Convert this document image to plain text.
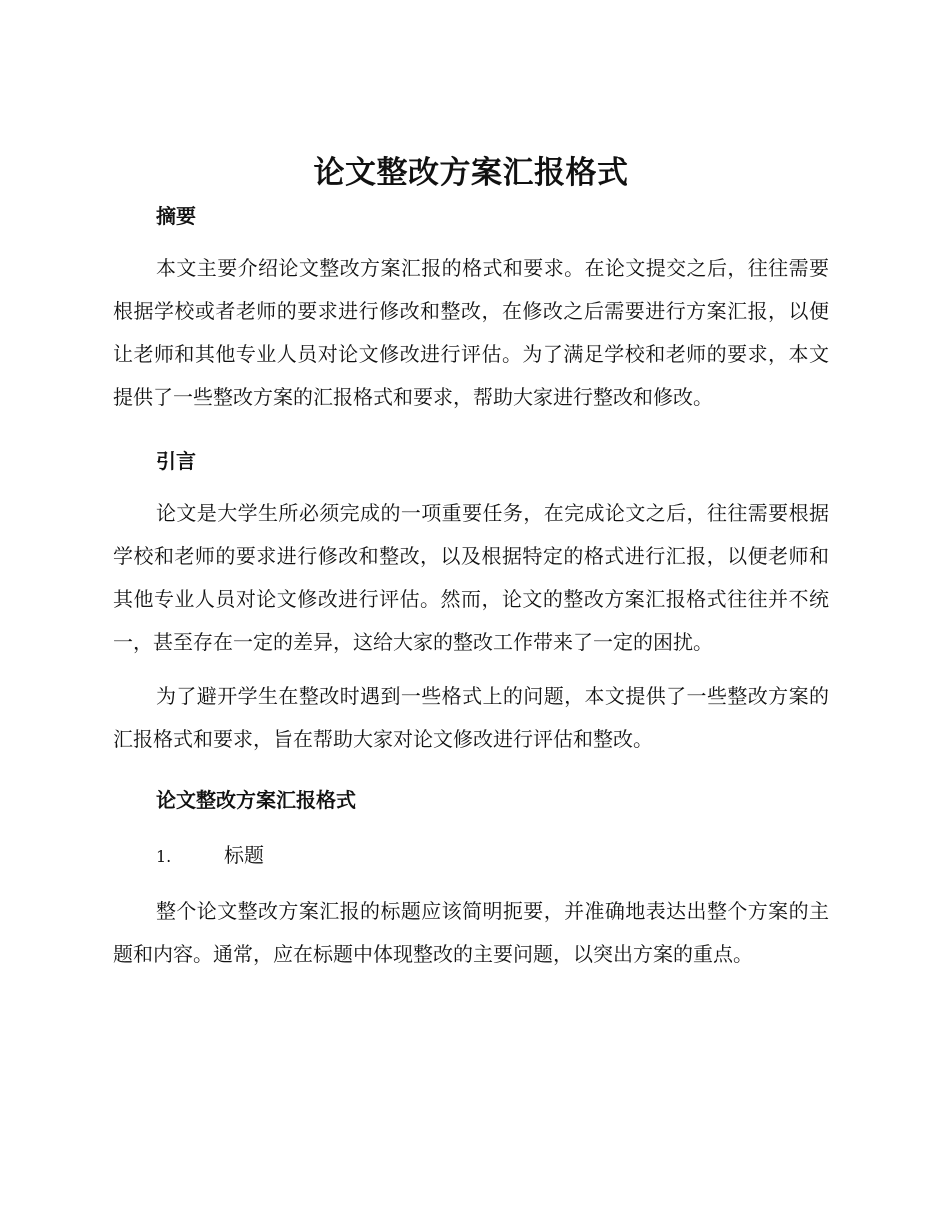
论文整改方案汇报格式
摘要

本文主要介绍论文整改方案汇报的格式和要求。在论文提交之后，往往需要根据学校或者老师的要求进行修改和整改，在修改之后需要进行方案汇报，以便让老师和其他专业人员对论文修改进行评估。为了满足学校和老师的要求，本文提供了一些整改方案的汇报格式和要求，帮助大家进行整改和修改。

引言

论文是大学生所必须完成的一项重要任务，在完成论文之后，往往需要根据学校和老师的要求进行修改和整改，以及根据特定的格式进行汇报，以便老师和其他专业人员对论文修改进行评估。然而，论文的整改方案汇报格式往往并不统一，甚至存在一定的差异，这给大家的整改工作带来了一定的困扰。

为了避开学生在整改时遇到一些格式上的问题，本文提供了一些整改方案的汇报格式和要求，旨在帮助大家对论文修改进行评估和整改。

论文整改方案汇报格式
1.	标题

整个论文整改方案汇报的标题应该简明扼要，并准确地表达出整个方案的主题和内容。通常，应在标题中体现整改的主要问题，以突出方案的重点。
